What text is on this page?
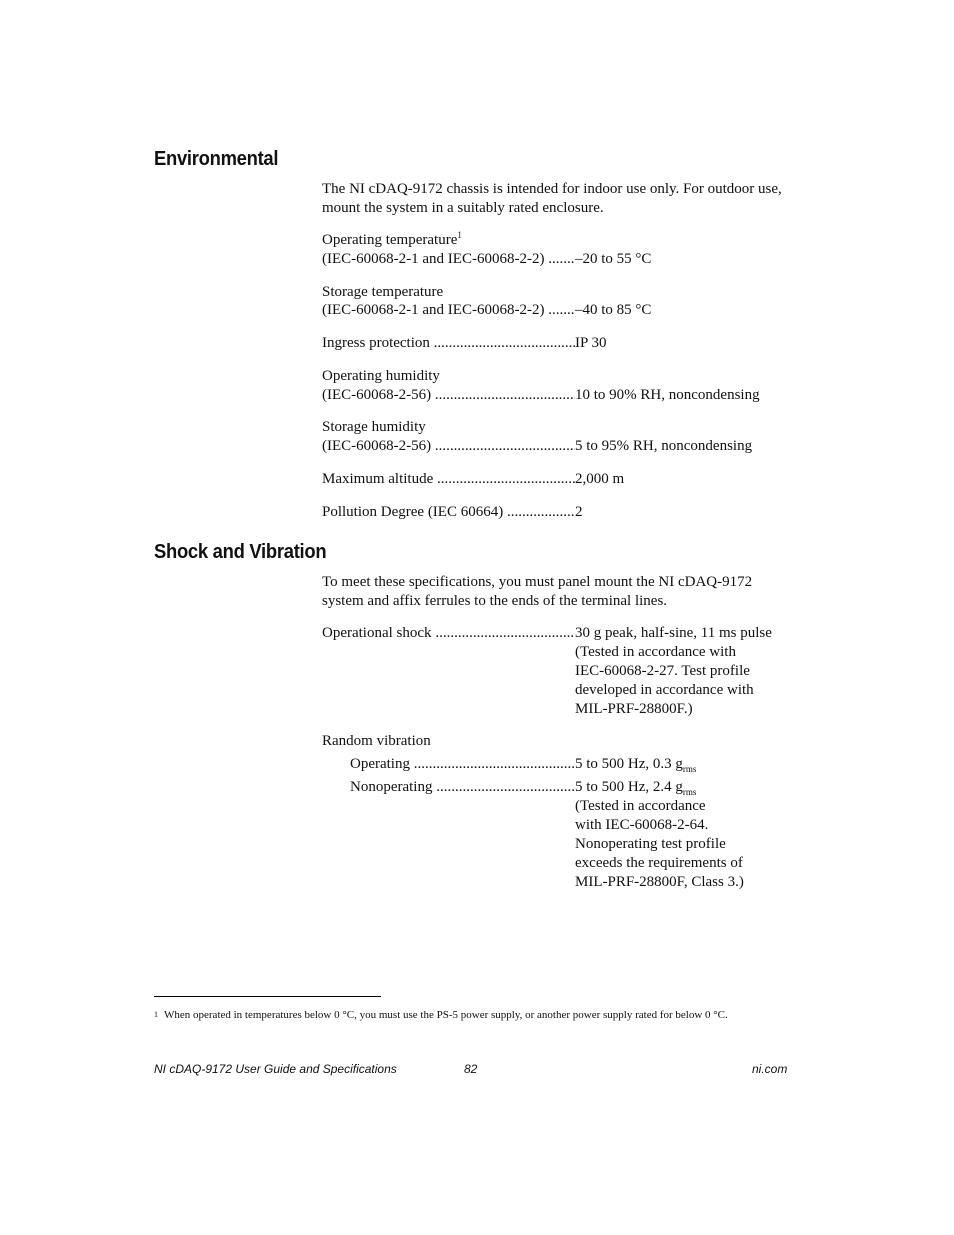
Environmental

The NI cDAQ-9172 chassis is intended for indoor use only. For outdoor use, mount the system in a suitably rated enclosure.

Operating temperature$^1$
(IEC-60068-2-1 and IEC-60068-2-2) .....	–20 to 55 °C
Storage temperature
(IEC-60068-2-1 and IEC-60068-2-2) .....	–40 to 85 °C
Ingress protection .....	IP 30
Operating humidity
(IEC-60068-2-56) .....	10 to 90% RH, noncondensing
Storage humidity
(IEC-60068-2-56) .....	5 to 95% RH, noncondensing
Maximum altitude .....	2,000 m
Pollution Degree (IEC 60664) .....	2
Shock and Vibration

To meet these specifications, you must panel mount the NI cDAQ-9172 system and affix ferrules to the ends of the terminal lines.

Operational shock .....	30 g peak, half-sine, 11 ms pulse
(Tested in accordance with
IEC-60068-2-27. Test profile
developed in accordance with
MIL-PRF-28800F.)
Random vibration
Operating .....	5 to 500 Hz, 0.3 $g_{rms}$
Nonoperating .....	5 to 500 Hz, 2.4 $g_{rms}$
(Tested in accordance
with IEC-60068-2-64.
Nonoperating test profile
exceeds the requirements of
MIL-PRF-28800F, Class 3.)
$^1$ When operated in temperatures below 0 °C, you must use the PS-5 power supply, or another power supply rated for below 0 °C.
NI cDAQ-9172 User Guide and Specifications	82	ni.com
